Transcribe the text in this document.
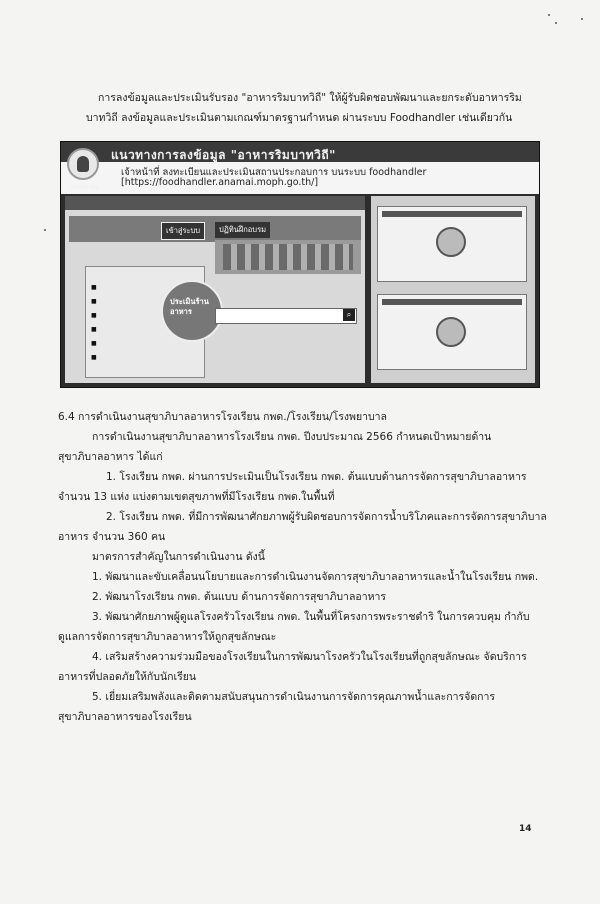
การลงข้อมูลและประเมินรับรอง "อาหารริมบาทวิถี" ให้ผู้รับผิดชอบพัฒนาและยกระดับอาหารริม
บาทวิถี ลงข้อมูลและประเมินตามเกณฑ์มาตรฐานกำหนด ผ่านระบบ Foodhandler เช่นเดียวกัน
กรมอนามัย
แนวทางการลงข้อมูล "อาหารริมบาทวิถี"
เจ้าหน้าที่ ลงทะเบียนและประเมินสถานประกอบการ บนระบบ foodhandler
[https://foodhandler.anamai.moph.go.th/]
■
■
■
■
■
■
เข้าสู่ระบบ	ปฏิทินฝึกอบรม
ประเมินร้าน
อาหาร	⌕
6.4 การดำเนินงานสุขาภิบาลอาหารโรงเรียน กพด./โรงเรียน/โรงพยาบาล
การดำเนินงานสุขาภิบาลอาหารโรงเรียน กพด. ปีงบประมาณ 2566 กำหนดเป้าหมายด้าน
สุขาภิบาลอาหาร ได้แก่
1. โรงเรียน กพด. ผ่านการประเมินเป็นโรงเรียน กพด. ต้นแบบด้านการจัดการสุขาภิบาลอาหาร
จำนวน 13 แห่ง แบ่งตามเขตสุขภาพที่มีโรงเรียน กพด.ในพื้นที่
2. โรงเรียน กพด. ที่มีการพัฒนาศักยภาพผู้รับผิดชอบการจัดการน้ำบริโภคและการจัดการสุขาภิบาล
อาหาร จำนวน 360 คน
มาตรการสำคัญในการดำเนินงาน ดังนี้
1. พัฒนาและขับเคลื่อนนโยบายและการดำเนินงานจัดการสุขาภิบาลอาหารและน้ำในโรงเรียน กพด.
2. พัฒนาโรงเรียน กพด. ต้นแบบ ด้านการจัดการสุขาภิบาลอาหาร
3. พัฒนาศักยภาพผู้ดูแลโรงครัวโรงเรียน กพด. ในพื้นที่โครงการพระราชดำริ ในการควบคุม กำกับ
ดูแลการจัดการสุขาภิบาลอาหารให้ถูกสุขลักษณะ
4. เสริมสร้างความร่วมมือของโรงเรียนในการพัฒนาโรงครัวในโรงเรียนที่ถูกสุขลักษณะ จัดบริการ
อาหารที่ปลอดภัยให้กับนักเรียน
5. เยี่ยมเสริมพลังและติดตามสนับสนุนการดำเนินงานการจัดการคุณภาพน้ำและการจัดการ
สุขาภิบาลอาหารของโรงเรียน
14
